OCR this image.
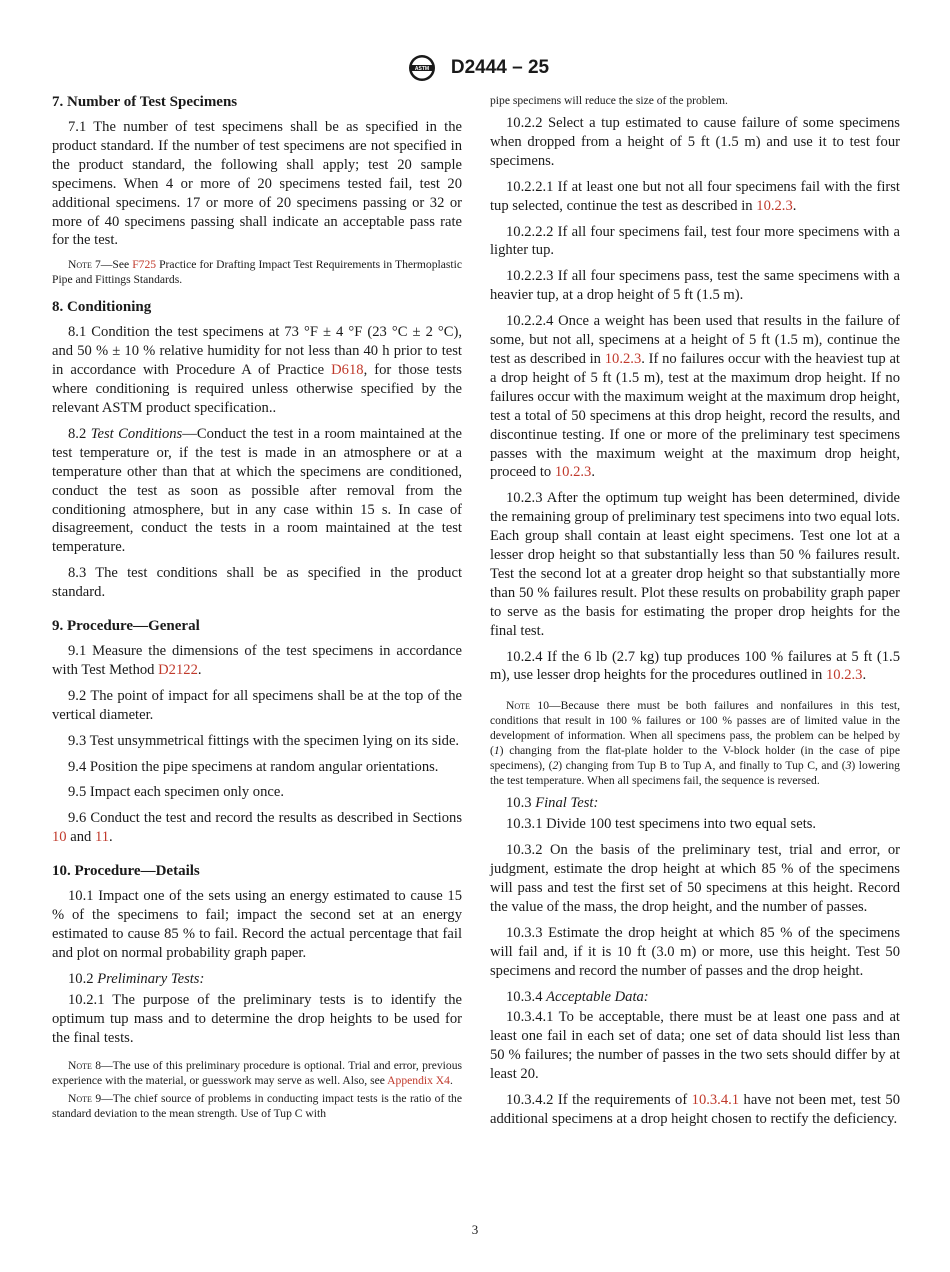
ASTM D2444 – 25
7. Number of Test Specimens

7.1 The number of test specimens shall be as specified in the product standard. If the number of test specimens are not specified in the product standard, the following shall apply; test 20 sample specimens. When 4 or more of 20 specimens tested fail, test 20 additional specimens. 17 or more of 20 specimens passing or 32 or more of 40 specimens passing shall indicate an acceptable pass rate for the test.

Note 7—See F725 Practice for Drafting Impact Test Requirements in Thermoplastic Pipe and Fittings Standards.
8. Conditioning

8.1 Condition the test specimens at 73 °F ± 4 °F (23 °C ± 2 °C), and 50 % ± 10 % relative humidity for not less than 40 h prior to test in accordance with Procedure A of Practice D618, for those tests where conditioning is required unless otherwise specified by the relevant ASTM product specification..

8.2 Test Conditions—Conduct the test in a room maintained at the test temperature or, if the test is made in an atmosphere or at a temperature other than that at which the specimens are conditioned, conduct the test as soon as possible after removal from the conditioning atmosphere, but in any case within 15 s. In case of disagreement, conduct the tests in a room maintained at the test temperature.

8.3 The test conditions shall be as specified in the product standard.

9. Procedure—General

9.1 Measure the dimensions of the test specimens in accordance with Test Method D2122.

9.2 The point of impact for all specimens shall be at the top of the vertical diameter.

9.3 Test unsymmetrical fittings with the specimen lying on its side.

9.4 Position the pipe specimens at random angular orientations.

9.5 Impact each specimen only once.

9.6 Conduct the test and record the results as described in Sections 10 and 11.

10. Procedure—Details

10.1 Impact one of the sets using an energy estimated to cause 15 % of the specimens to fail; impact the second set at an energy estimated to cause 85 % to fail. Record the actual percentage that fail and plot on normal probability graph paper.

10.2 Preliminary Tests:

10.2.1 The purpose of the preliminary tests is to identify the optimum tup mass and to determine the drop heights to be used for the final tests.

Note 8—The use of this preliminary procedure is optional. Trial and error, previous experience with the material, or guesswork may serve as well. Also, see Appendix X4.
Note 9—The chief source of problems in conducting impact tests is the ratio of the standard deviation to the mean strength. Use of Tup C with
pipe specimens will reduce the size of the problem.

10.2.2 Select a tup estimated to cause failure of some specimens when dropped from a height of 5 ft (1.5 m) and use it to test four specimens.

10.2.2.1 If at least one but not all four specimens fail with the first tup selected, continue the test as described in 10.2.3.

10.2.2.2 If all four specimens fail, test four more specimens with a lighter tup.

10.2.2.3 If all four specimens pass, test the same specimens with a heavier tup, at a drop height of 5 ft (1.5 m).

10.2.2.4 Once a weight has been used that results in the failure of some, but not all, specimens at a height of 5 ft (1.5 m), continue the test as described in 10.2.3. If no failures occur with the heaviest tup at a drop height of 5 ft (1.5 m), test at the maximum drop height. If no failures occur with the maximum weight at the maximum drop height, test a total of 50 specimens at this drop height, record the results, and discontinue testing. If one or more of the preliminary test specimens passes with the maximum weight at the maximum drop height, proceed to 10.2.3.

10.2.3 After the optimum tup weight has been determined, divide the remaining group of preliminary test specimens into two equal lots. Each group shall contain at least eight specimens. Test one lot at a lesser drop height so that substantially less than 50 % failures result. Test the second lot at a greater drop height so that substantially more than 50 % failures result. Plot these results on probability graph paper to serve as the basis for estimating the proper drop heights for the final test.

10.2.4 If the 6 lb (2.7 kg) tup produces 100 % failures at 5 ft (1.5 m), use lesser drop heights for the procedures outlined in 10.2.3.

Note 10—Because there must be both failures and nonfailures in this test, conditions that result in 100 % failures or 100 % passes are of limited value in the development of information. When all specimens pass, the problem can be helped by (1) changing from the flat-plate holder to the V-block holder (in the case of pipe specimens), (2) changing from Tup B to Tup A, and finally to Tup C, and (3) lowering the test temperature. When all specimens fail, the sequence is reversed.

10.3 Final Test:

10.3.1 Divide 100 test specimens into two equal sets.

10.3.2 On the basis of the preliminary test, trial and error, or judgment, estimate the drop height at which 85 % of the specimens will pass and test the first set of 50 specimens at this height. Record the value of the mass, the drop height, and the number of passes.

10.3.3 Estimate the drop height at which 85 % of the specimens will fail and, if it is 10 ft (3.0 m) or more, use this height. Test 50 specimens and record the number of passes and the drop height.

10.3.4 Acceptable Data:

10.3.4.1 To be acceptable, there must be at least one pass and at least one fail in each set of data; one set of data should list less than 50 % failures; the number of passes in the two sets should differ by at least 20.

10.3.4.2 If the requirements of 10.3.4.1 have not been met, test 50 additional specimens at a drop height chosen to rectify the deficiency.

3
